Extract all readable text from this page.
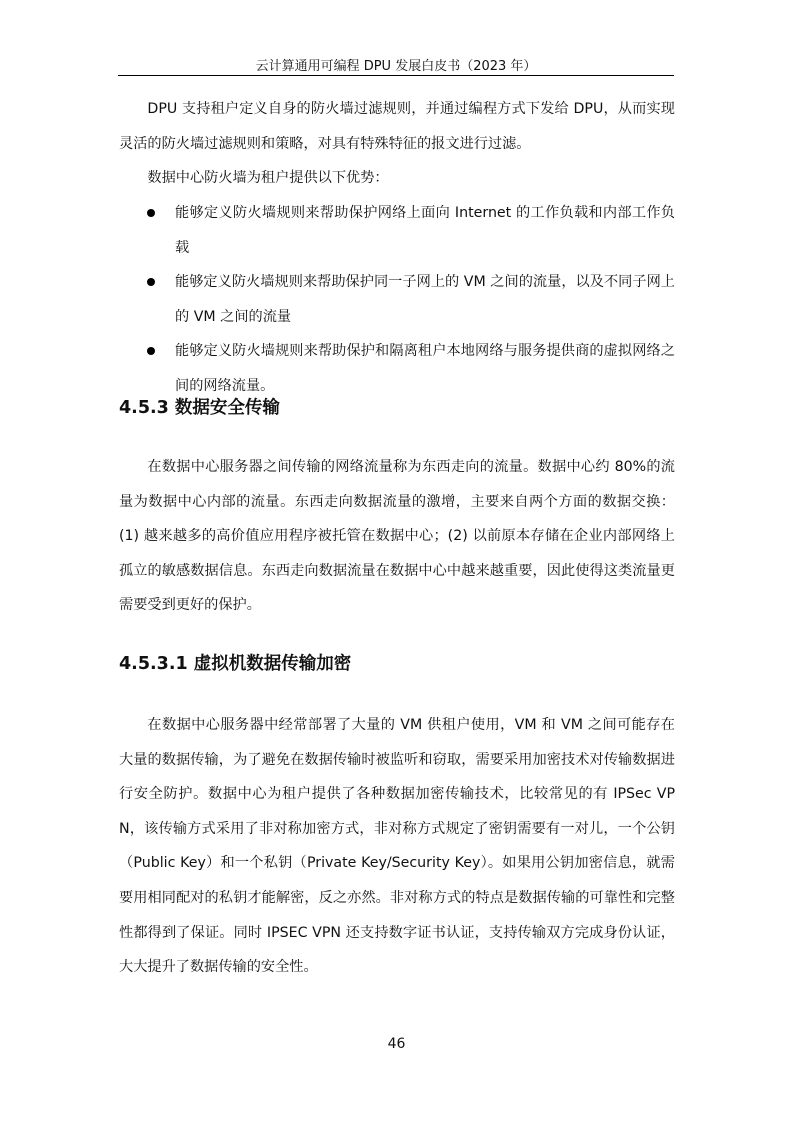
云计算通用可编程 DPU 发展白皮书（2023 年）

DPU 支持租户定义自身的防火墙过滤规则，并通过编程方式下发给 DPU，从而实现灵活的防火墙过滤规则和策略，对具有特殊特征的报文进行过滤。

数据中心防火墙为租户提供以下优势：

能够定义防火墙规则来帮助保护网络上面向 Internet 的工作负载和内部工作负载
能够定义防火墙规则来帮助保护同一子网上的 VM 之间的流量，以及不同子网上的 VM 之间的流量
能够定义防火墙规则来帮助保护和隔离租户本地网络与服务提供商的虚拟网络之间的网络流量。
4.5.3 数据安全传输

在数据中心服务器之间传输的网络流量称为东西走向的流量。数据中心约 80%的流量为数据中心内部的流量。东西走向数据流量的激增，主要来自两个方面的数据交换：(1) 越来越多的高价值应用程序被托管在数据中心；(2) 以前原本存储在企业内部网络上孤立的敏感数据信息。东西走向数据流量在数据中心中越来越重要，因此使得这类流量更需要受到更好的保护。

4.5.3.1 虚拟机数据传输加密

在数据中心服务器中经常部署了大量的 VM 供租户使用，VM 和 VM 之间可能存在大量的数据传输，为了避免在数据传输时被监听和窃取，需要采用加密技术对传输数据进行安全防护。数据中心为租户提供了各种数据加密传输技术，比较常见的有 IPSec VPN，该传输方式采用了非对称加密方式，非对称方式规定了密钥需要有一对儿，一个公钥（Public Key）和一个私钥（Private Key/Security Key）。如果用公钥加密信息，就需要用相同配对的私钥才能解密，反之亦然。非对称方式的特点是数据传输的可靠性和完整性都得到了保证。同时 IPSEC VPN 还支持数字证书认证，支持传输双方完成身份认证，大大提升了数据传输的安全性。

46
